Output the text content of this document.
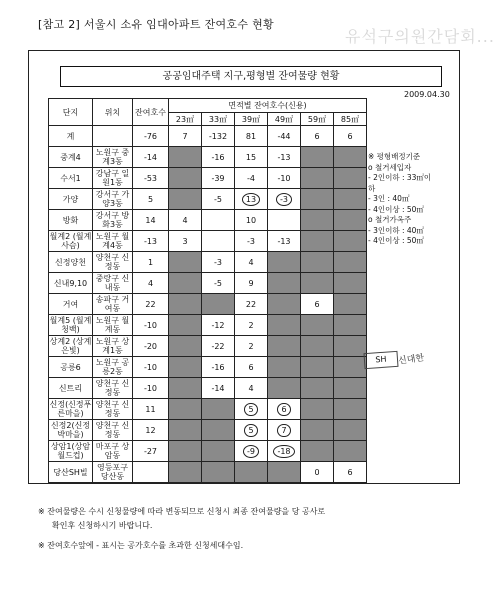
[참고 2] 서울시 소유 임대아파트 잔여호수 현황
유석구의원간담회...
공공임대주택 지구,평형별 잔여물량 현황
2009.04.30
단지	위치	잔여호수	면적별 잔여호수(신용)					
			23㎡	33㎡	39㎡	49㎡	59㎡	85㎡
계		-76	7	-132	81	-44	6	6
중계4	노원구 중계3동	-14		-16	15	-13		
수서1	강남구 일원1동	-53		-39	-4	-10		
가양	강서구 가양3동	5		-5	13	-3		
방화	강서구 방화3동	14	4		10			
월계2 (월계사슴)	노원구 월계4동	-13	3		-3	-13		
신정양천	양천구 신정동	1		-3	4			
신내9,10	중랑구 신내동	4		-5	9			
거여	송파구 거여동	22			22		6	
월계5 (월계청백)	노원구 월계동	-10		-12	2			
상계2 (상계은빛)	노원구 상계1동	-20		-22	2			
공릉6	노원구 공릉2동	-10		-16	6			
신트리	양천구 신정동	-10		-14	4			
신정(신정푸른마을)	양천구 신정동	11			5	6		
신정2(신정박마을)	양천구 신정동	12			5	7		
상암1(상암월드컵)	마포구 상암동	-27			-9	-18		
당산SH빌	영등포구 당산동						0	6
※ 평형배정기준
o 철거세입자
- 2인이하 : 33㎡이
하
- 3인 : 40㎡
- 4인이상 : 50㎡
o 철거가옥주
- 3인이하 : 40㎡
- 4인이상 : 50㎡
SH	신대한
※ 잔여물량은 수시 신청물량에 따라 변동되므로 신청시 최종 잔여물량을 당 공사로
확인후 신청하시기 바랍니다.
※ 잔여호수앞에 - 표시는 공가호수를 초과한 신청세대수임.
